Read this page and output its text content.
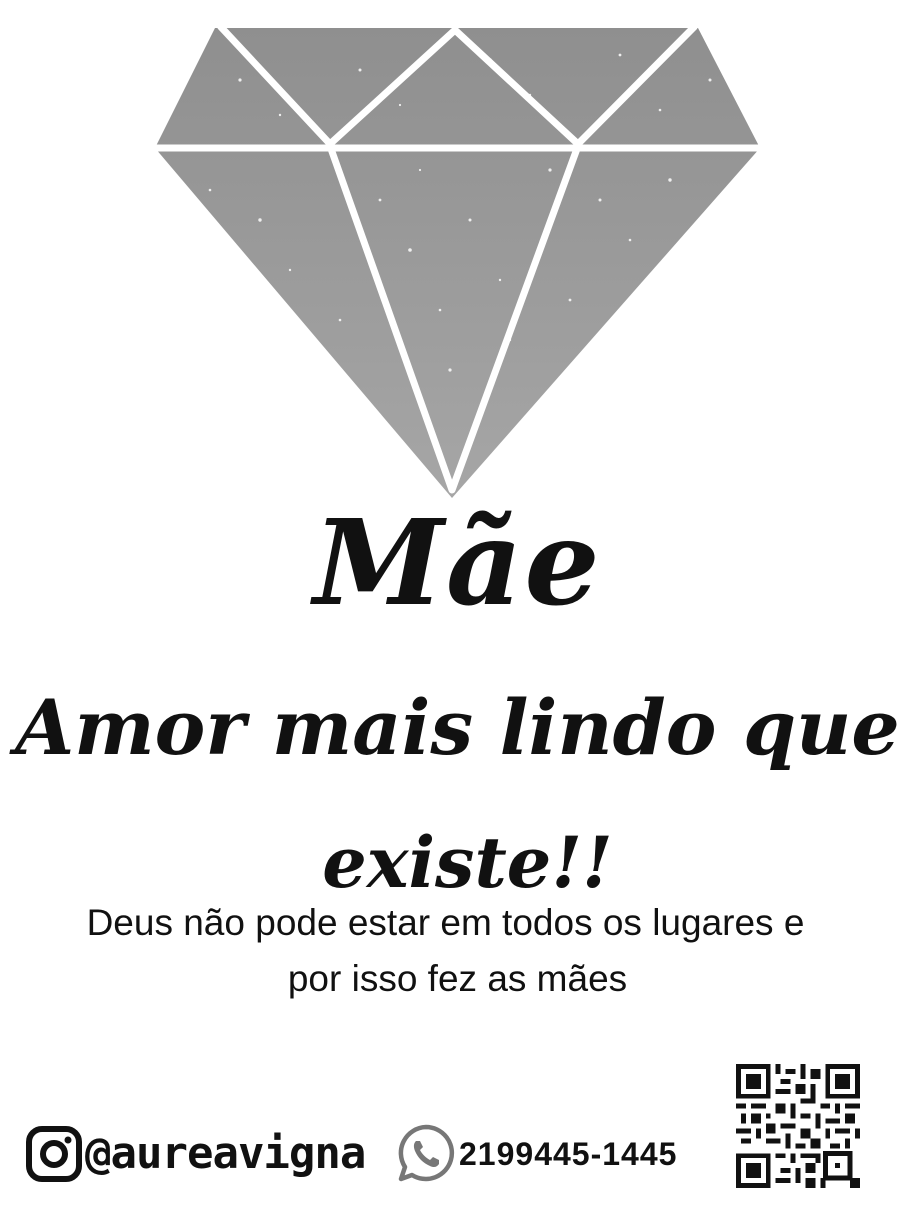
Mãe
Amor mais lindo que
existe!!
Deus não pode estar em todos os lugares e
por isso fez as mães
@aureavigna	2199445-1445
